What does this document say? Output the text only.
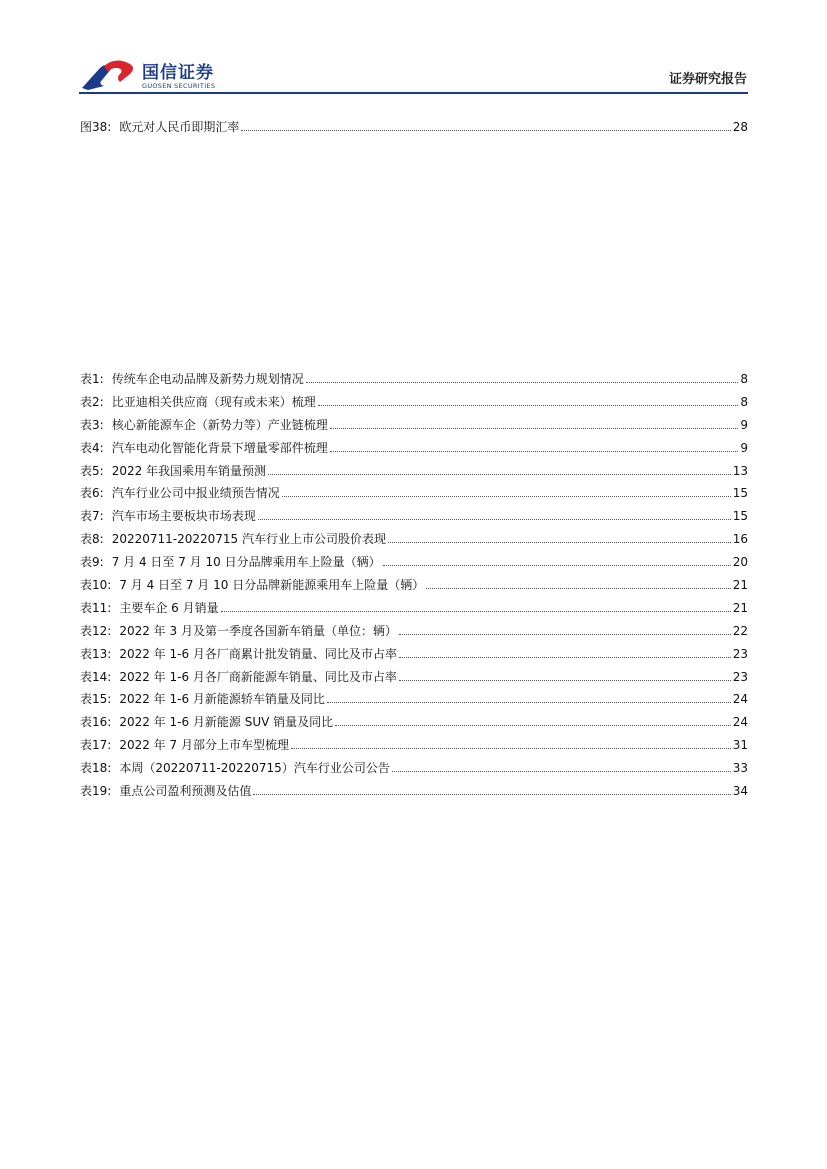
国信证券
GUOSEN SECURITIES	证券研究报告
图38: 欧元对人民币即期汇率	28
表1: 传统车企电动品牌及新势力规划情况	8
表2: 比亚迪相关供应商（现有或未来）梳理	8
表3: 核心新能源车企（新势力等）产业链梳理	9
表4: 汽车电动化智能化背景下增量零部件梳理	9
表5: 2022 年我国乘用车销量预测	13
表6: 汽车行业公司中报业绩预告情况	15
表7: 汽车市场主要板块市场表现	15
表8: 20220711-20220715 汽车行业上市公司股价表现	16
表9: 7 月 4 日至 7 月 10 日分品牌乘用车上险量（辆）	20
表10: 7 月 4 日至 7 月 10 日分品牌新能源乘用车上险量（辆）	21
表11: 主要车企 6 月销量	21
表12: 2022 年 3 月及第一季度各国新车销量（单位：辆）	22
表13: 2022 年 1-6 月各厂商累计批发销量、同比及市占率	23
表14: 2022 年 1-6 月各厂商新能源车销量、同比及市占率	23
表15: 2022 年 1-6 月新能源轿车销量及同比	24
表16: 2022 年 1-6 月新能源 SUV 销量及同比	24
表17: 2022 年 7 月部分上市车型梳理	31
表18: 本周（20220711-20220715）汽车行业公司公告	33
表19: 重点公司盈利预测及估值	34
